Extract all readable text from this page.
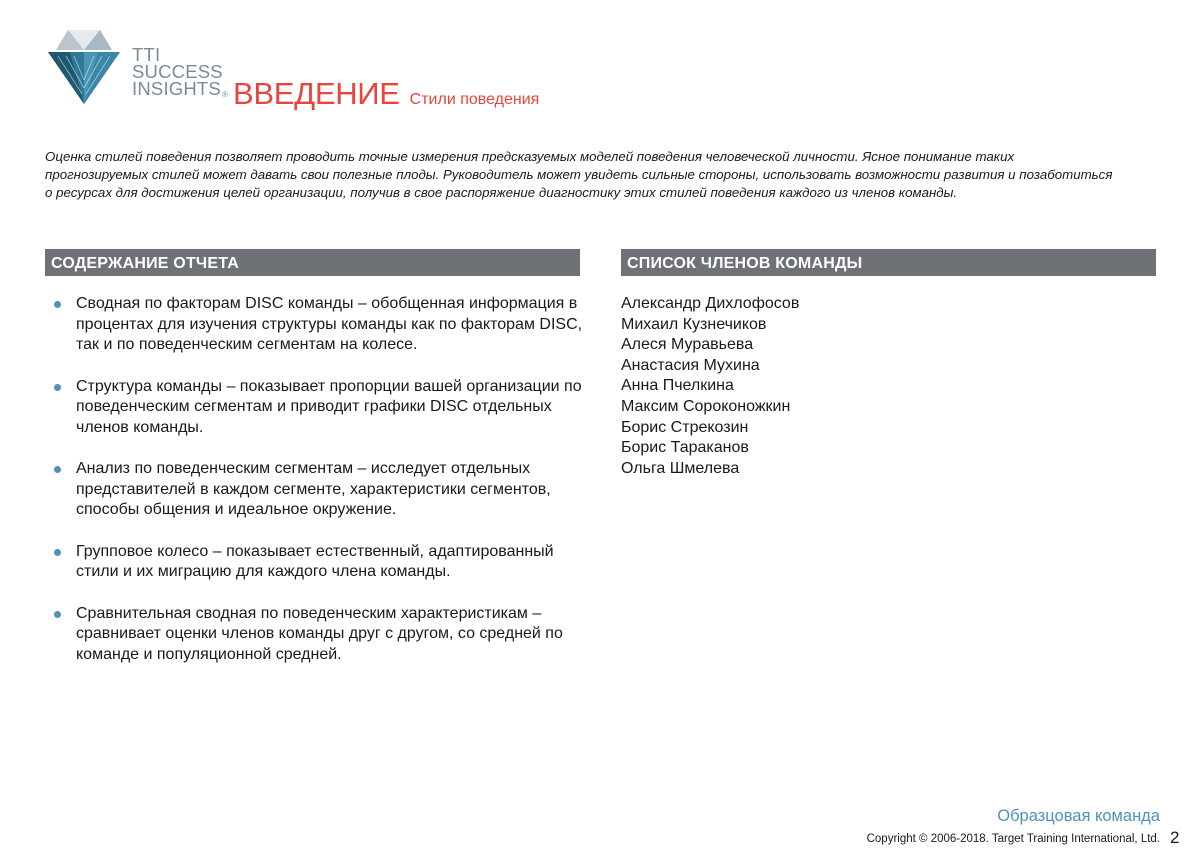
TTI
SUCCESS
INSIGHTS® ВВЕДЕНИЕ Стили поведения
Оценка стилей поведения позволяет проводить точные измерения предсказуемых моделей поведения человеческой личности. Ясное понимание таких прогнозируемых стилей может давать свои полезные плоды. Руководитель может увидеть сильные стороны, использовать возможности развития и позаботиться о ресурсах для достижения целей организации, получив в свое распоряжение диагностику этих стилей поведения каждого из членов команды.
СОДЕРЖАНИЕ ОТЧЕТА	СПИСОК ЧЛЕНОВ КОМАНДЫ
Сводная по факторам DISC команды – обобщенная информация в процентах для изучения структуры команды как по факторам DISC, так и по поведенческим сегментам на колесе.
Структура команды – показывает пропорции вашей организации по поведенческим сегментам и приводит графики DISC отдельных членов команды.
Анализ по поведенческим сегментам – исследует отдельных представителей в каждом сегменте, характеристики сегментов, способы общения и идеальное окружение.
Групповое колесо – показывает естественный, адаптированный стили и их миграцию для каждого члена команды.
Сравнительная сводная по поведенческим характеристикам – сравнивает оценки членов команды друг с другом, со средней по команде и популяционной средней.
Александр Дихлофосов
Михаил Кузнечиков
Алеся Муравьева
Анастасия Мухина
Анна Пчелкина
Максим Сороконожкин
Борис Стрекозин
Борис Тараканов
Ольга Шмелева
Образцовая команда
Copyright © 2006-2018. Target Training International, Ltd. 2
